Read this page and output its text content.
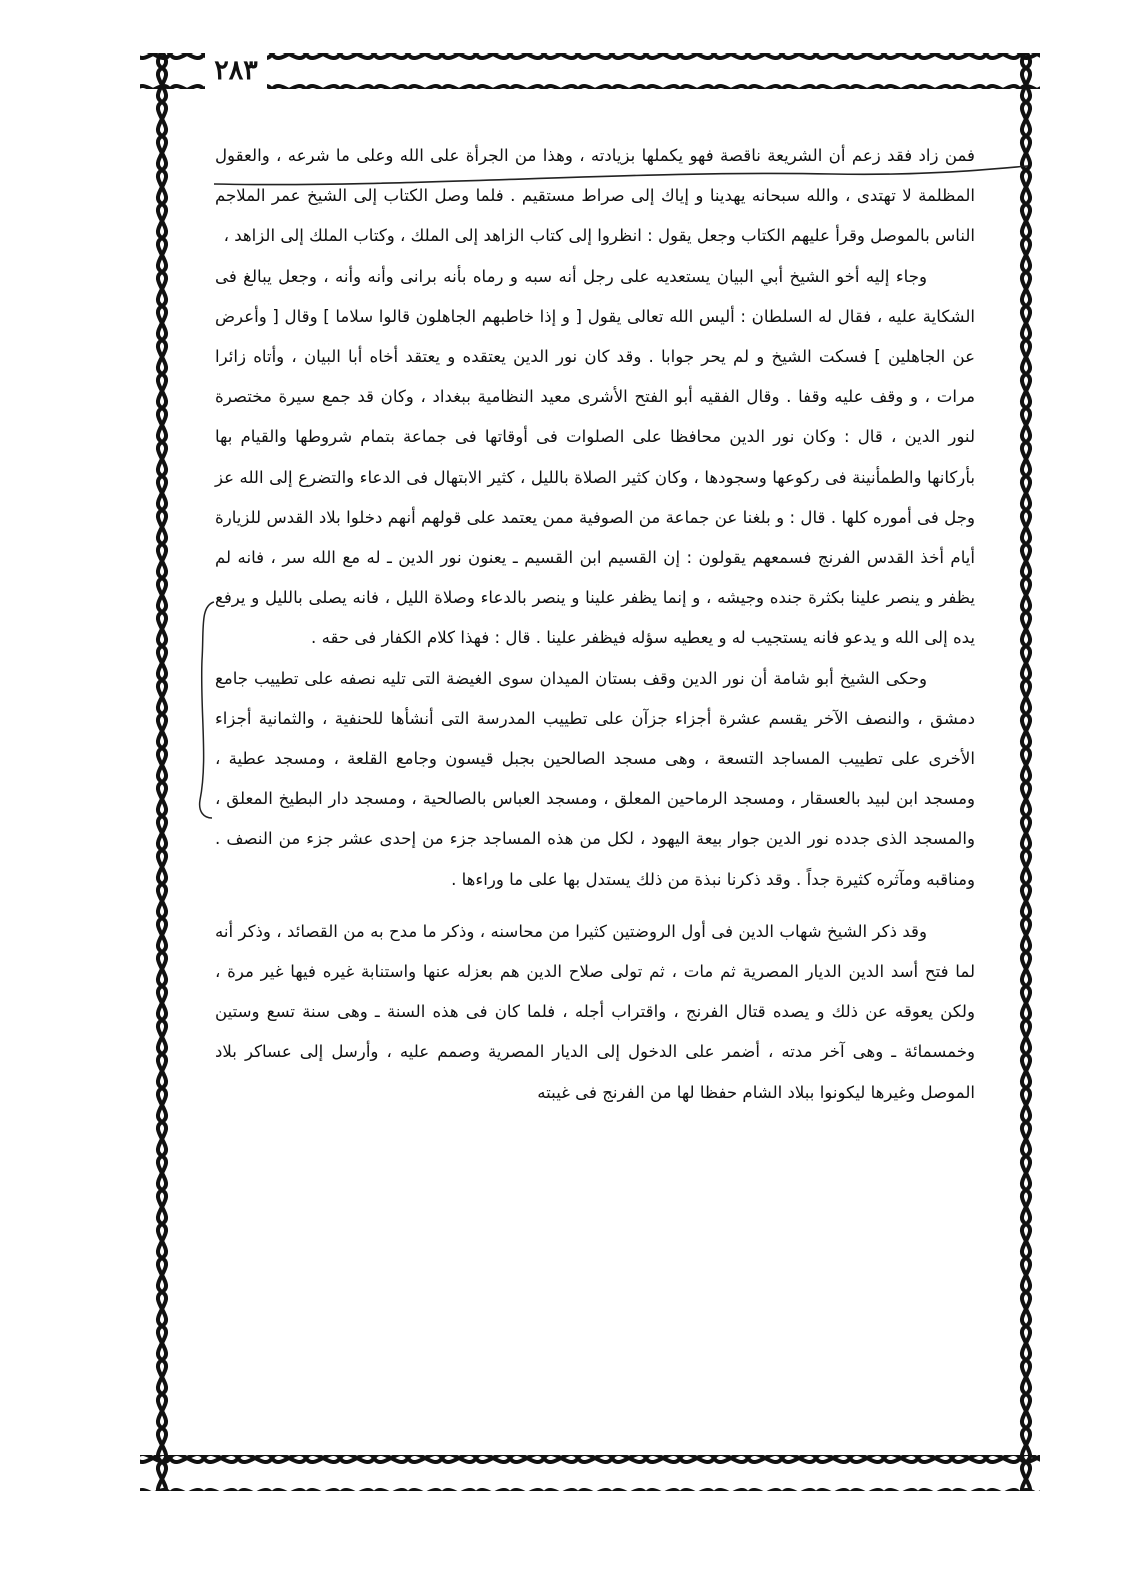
٢٨٣

فمن زاد فقد زعم أن الشريعة ناقصة فهو يكملها بزيادته ، وهذا من الجرأة على الله وعلى ما شرعه ، والعقول المظلمة لا تهتدى ، والله سبحانه يهدينا و إياك إلى صراط مستقيم . فلما وصل الكتاب إلى الشيخ عمر الملاجم الناس بالموصل وقرأ عليهم الكتاب وجعل يقول : انظروا إلى كتاب الزاهد إلى الملك ، وكتاب الملك إلى الزاهد ،

وجاء إليه أخو الشيخ أبي البيان يستعديه على رجل أنه سبه و رماه بأنه برانى وأنه وأنه ، وجعل يبالغ فى الشكاية عليه ، فقال له السلطان : أليس الله تعالى يقول [ و إذا خاطبهم الجاهلون قالوا سلاما ] وقال [ وأعرض عن الجاهلين ] فسكت الشيخ و لم يحر جوابا . وقد كان نور الدين يعتقده و يعتقد أخاه أبا البيان ، وأتاه زائرا مرات ، و وقف عليه وقفا . وقال الفقيه أبو الفتح الأشرى معيد النظامية ببغداد ، وكان قد جمع سيرة مختصرة لنور الدين ، قال : وكان نور الدين محافظا على الصلوات فى أوقاتها فى جماعة بتمام شروطها والقيام بها بأركانها والطمأنينة فى ركوعها وسجودها ، وكان كثير الصلاة بالليل ، كثير الابتهال فى الدعاء والتضرع إلى الله عز وجل فى أموره كلها . قال : و بلغنا عن جماعة من الصوفية ممن يعتمد على قولهم أنهم دخلوا بلاد القدس للزيارة أيام أخذ القدس الفرنج فسمعهم يقولون : إن القسيم ابن القسيم ـ يعنون نور الدين ـ له مع الله سر ، فانه لم يظفر و ينصر علينا بكثرة جنده وجيشه ، و إنما يظفر علينا و ينصر بالدعاء وصلاة الليل ، فانه يصلى بالليل و يرفع يده إلى الله و يدعو فانه يستجيب له و يعطيه سؤله فيظفر علينا . قال : فهذا كلام الكفار فى حقه .

وحكى الشيخ أبو شامة أن نور الدين وقف بستان الميدان سوى الغيضة التى تليه نصفه على تطييب جامع دمشق ، والنصف الآخر يقسم عشرة أجزاء جزآن على تطييب المدرسة التى أنشأها للحنفية ، والثمانية أجزاء الأخرى على تطييب المساجد التسعة ، وهى مسجد الصالحين بجبل قيسون وجامع القلعة ، ومسجد عطية ، ومسجد ابن لبيد بالعسقار ، ومسجد الرماحين المعلق ، ومسجد العباس بالصالحية ، ومسجد دار البطيخ المعلق ، والمسجد الذى جدده نور الدين جوار بيعة اليهود ، لكل من هذه المساجد جزء من إحدى عشر جزء من النصف . ومناقبه ومآثره كثيرة جداً . وقد ذكرنا نبذة من ذلك يستدل بها على ما وراءها .

وقد ذكر الشيخ شهاب الدين فى أول الروضتين كثيرا من محاسنه ، وذكر ما مدح به من القصائد ، وذكر أنه لما فتح أسد الدين الديار المصرية ثم مات ، ثم تولى صلاح الدين هم بعزله عنها واستنابة غيره فيها غير مرة ، ولكن يعوقه عن ذلك و يصده قتال الفرنج ، واقتراب أجله ، فلما كان فى هذه السنة ـ وهى سنة تسع وستين وخمسمائة ـ وهى آخر مدته ، أضمر على الدخول إلى الديار المصرية وصمم عليه ، وأرسل إلى عساكر بلاد الموصل وغيرها ليكونوا ببلاد الشام حفظا لها من الفرنج فى غيبته
